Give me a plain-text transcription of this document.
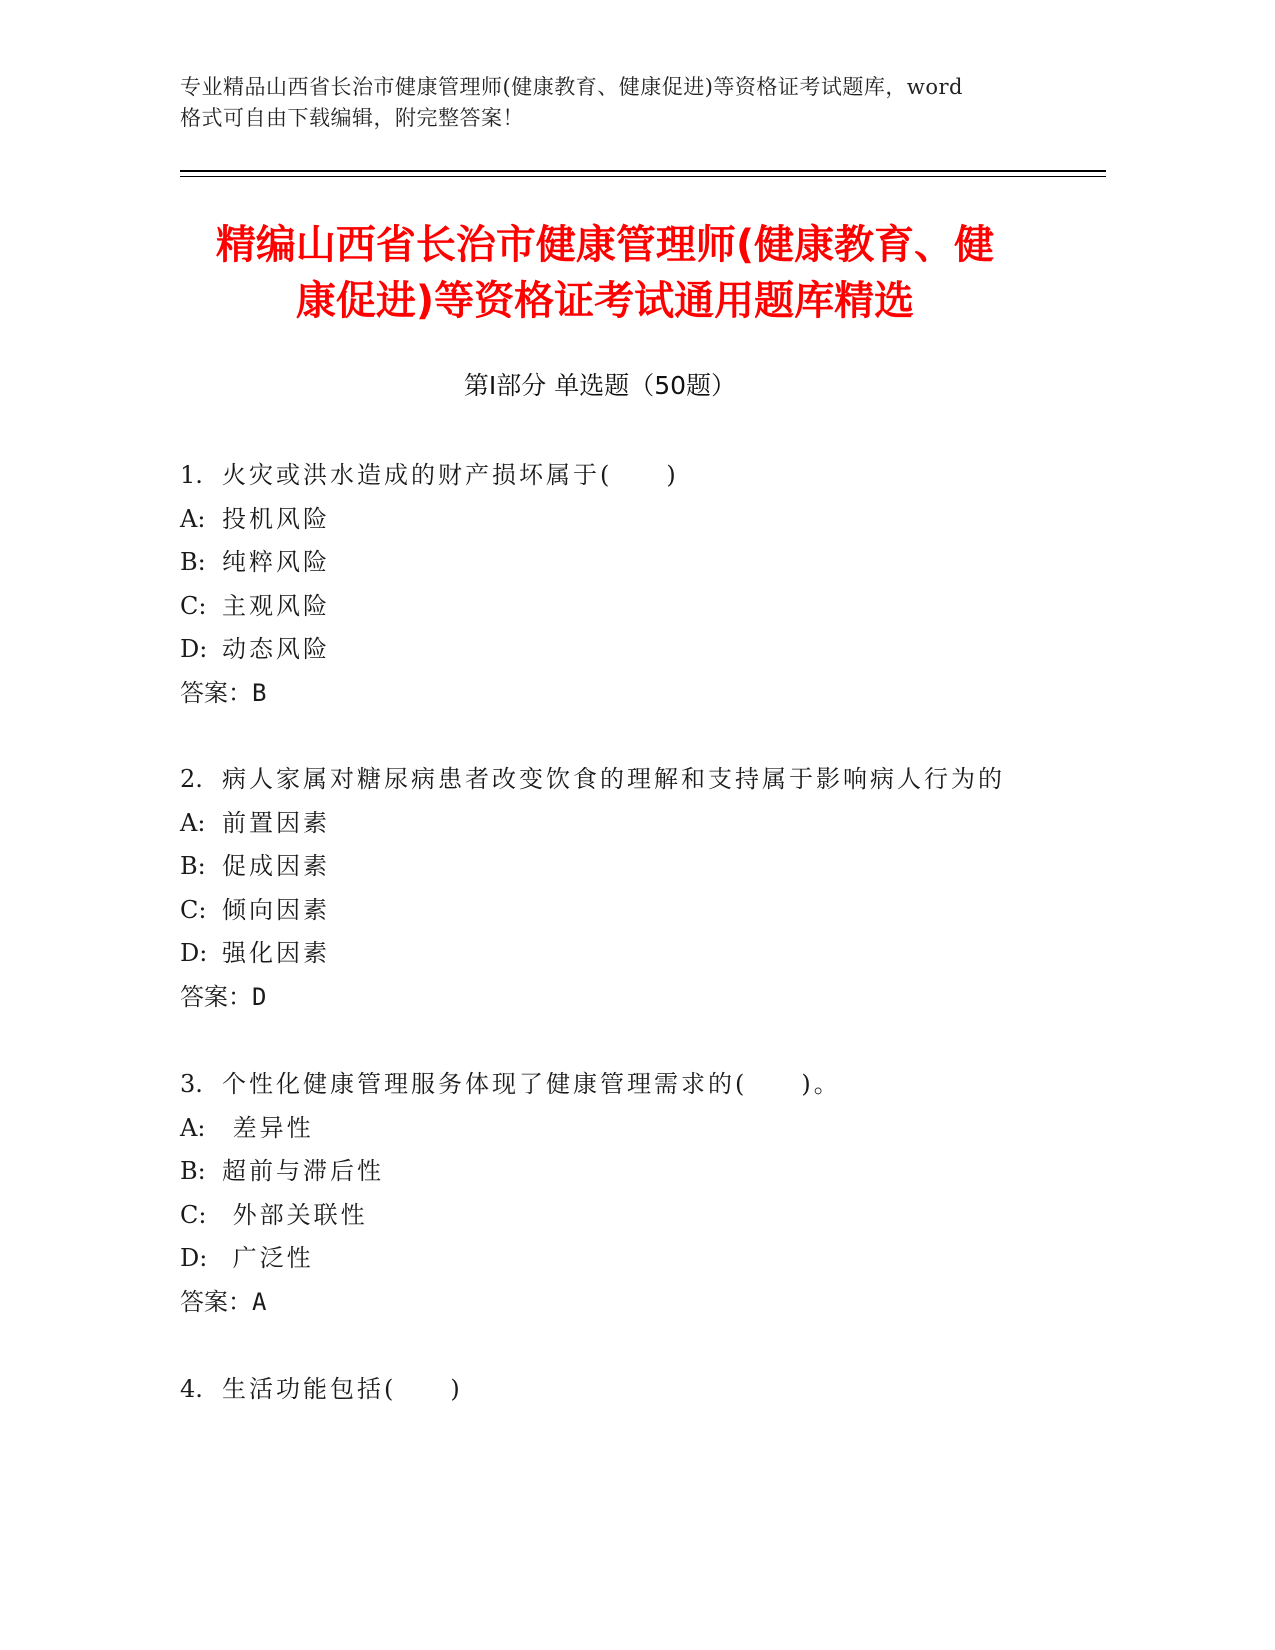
专业精品山西省长治市健康管理师(健康教育、健康促进)等资格证考试题库，word
格式可自由下载编辑，附完整答案！
精编山西省长治市健康管理师(健康教育、健
康促进)等资格证考试通用题库精选
第Ⅰ部分 单选题（50题）
1. 火灾或洪水造成的财产损坏属于(　　)
A: 投机风险
B: 纯粹风险
C: 主观风险
D: 动态风险
答案：B
2. 病人家属对糖尿病患者改变饮食的理解和支持属于影响病人行为的
A: 前置因素
B: 促成因素
C: 倾向因素
D: 强化因素
答案：D
3. 个性化健康管理服务体现了健康管理需求的(　　)。
A: 差异性
B: 超前与滞后性
C: 外部关联性
D: 广泛性
答案：A
4. 生活功能包括(　　)
